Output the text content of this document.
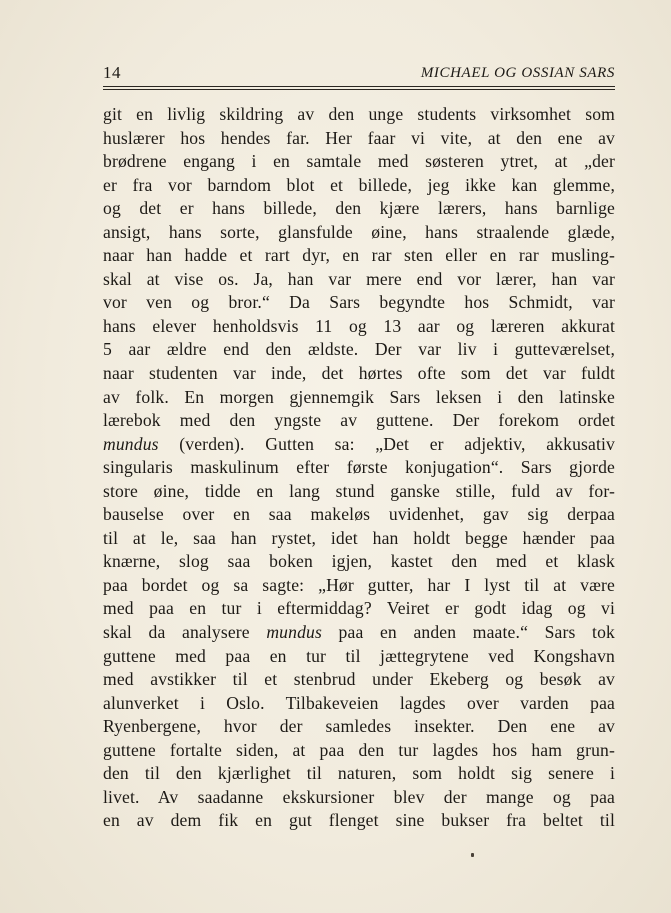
14	MICHAEL OG OSSIAN SARS
git en livlig skildring av den unge students virksomhet som
huslærer hos hendes far. Her faar vi vite, at den ene av
brødrene engang i en samtale med søsteren ytret, at „der
er fra vor barndom blot et billede, jeg ikke kan glemme,
og det er hans billede, den kjære lærers, hans barnlige
ansigt, hans sorte, glansfulde øine, hans straalende glæde,
naar han hadde et rart dyr, en rar sten eller en rar musling-
skal at vise os. Ja, han var mere end vor lærer, han var
vor ven og bror.“ Da Sars begyndte hos Schmidt, var
hans elever henholdsvis 11 og 13 aar og læreren akkurat
5 aar ældre end den ældste. Der var liv i gutteværelset,
naar studenten var inde, det hørtes ofte som det var fuldt
av folk. En morgen gjennemgik Sars leksen i den latinske
lærebok med den yngste av guttene. Der forekom ordet
mundus (verden). Gutten sa: „Det er adjektiv, akkusativ
singularis maskulinum efter første konjugation“. Sars gjorde
store øine, tidde en lang stund ganske stille, fuld av for-
bauselse over en saa makeløs uvidenhet, gav sig derpaa
til at le, saa han rystet, idet han holdt begge hænder paa
knærne, slog saa boken igjen, kastet den med et klask
paa bordet og sa sagte: „Hør gutter, har I lyst til at være
med paa en tur i eftermiddag? Veiret er godt idag og vi
skal da analysere mundus paa en anden maate.“ Sars tok
guttene med paa en tur til jættegrytene ved Kongshavn
med avstikker til et stenbrud under Ekeberg og besøk av
alunverket i Oslo. Tilbakeveien lagdes over varden paa
Ryenbergene, hvor der samledes insekter. Den ene av
guttene fortalte siden, at paa den tur lagdes hos ham grun-
den til den kjærlighet til naturen, som holdt sig senere i
livet. Av saadanne ekskursioner blev der mange og paa
en av dem fik en gut flenget sine bukser fra beltet til
